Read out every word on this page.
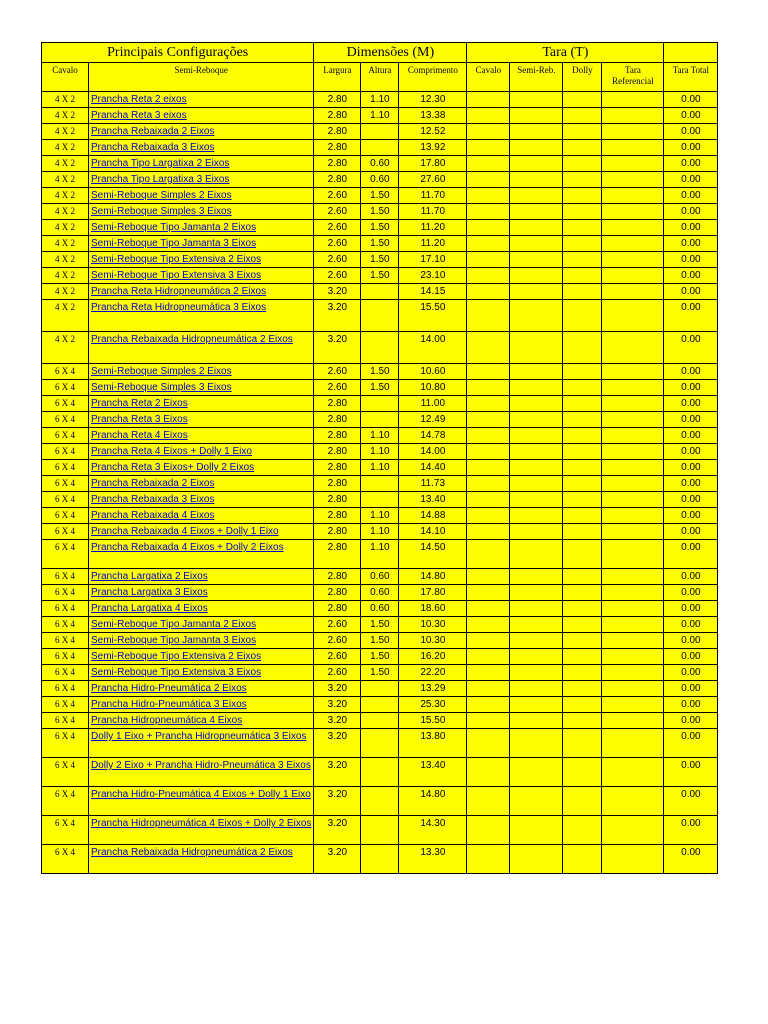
Principais Configurações		Dimensões (M)			Tara (T)				
Cavalo	Semi-Reboque	Largura	Altura	Comprimento	Cavalo	Semi-Reb.	Dolly	Tara Referencial	Tara Total
4 X 2	Prancha Reta 2 eixos	2.80	1.10	12.30					0.00
4 X 2	Prancha Reta 3 eixos	2.80	1.10	13.38					0.00
4 X 2	Prancha Rebaixada 2 Eixos	2.80		12.52					0.00
4 X 2	Prancha Rebaixada 3 Eixos	2.80		13.92					0.00
4 X 2	Prancha Tipo Largatixa 2 Eixos	2.80	0.60	17.80					0.00
4 X 2	Prancha Tipo Largatixa 3 Eixos	2.80	0.60	27.60					0.00
4 X 2	Semi-Reboque Simples 2 Eixos	2.60	1.50	11.70					0.00
4 X 2	Semi-Reboque Simples 3 Eixos	2.60	1.50	11.70					0.00
4 X 2	Semi-Reboque Tipo Jamanta 2 Eixos	2.60	1.50	11.20					0.00
4 X 2	Semi-Reboque Tipo Jamanta 3 Eixos	2.60	1.50	11.20					0.00
4 X 2	Semi-Reboque Tipo Extensiva 2 Eixos	2.60	1.50	17.10					0.00
4 X 2	Semi-Reboque Tipo Extensiva 3 Eixos	2.60	1.50	23.10					0.00
4 X 2	Prancha Reta Hidropneumática 2 Eixos	3.20		14.15					0.00
4 X 2	Prancha Reta Hidropneumática 3 Eixos	3.20		15.50					0.00
4 X 2	Prancha Rebaixada Hidropneumática 2 Eixos	3.20		14.00					0.00
6 X 4	Semi-Reboque Simples 2 Eixos	2.60	1.50	10.60					0.00
6 X 4	Semi-Reboque Simples 3 Eixos	2.60	1.50	10.80					0.00
6 X 4	Prancha Reta 2 Eixos	2.80		11.00					0.00
6 X 4	Prancha Reta 3 Eixos	2.80		12.49					0.00
6 X 4	Prancha Reta 4 Eixos	2.80	1.10	14.78					0.00
6 X 4	Prancha Reta 4 Eixos + Dolly 1 Eixo	2.80	1.10	14.00					0.00
6 X 4	Prancha Reta 3 Eixos+ Dolly 2 Eixos	2.80	1.10	14.40					0.00
6 X 4	Prancha Rebaixada 2 Eixos	2.80		11.73					0.00
6 X 4	Prancha Rebaixada 3 Eixos	2.80		13.40					0.00
6 X 4	Prancha Rebaixada 4 Eixos	2.80	1.10	14.88					0.00
6 X 4	Prancha Rebaixada 4 Eixos + Dolly 1 Eixo	2.80	1.10	14.10					0.00
6 X 4	Prancha Rebaixada 4 Eixos + Dolly 2 Eixos	2.80	1.10	14.50					0.00
6 X 4	Prancha Largatixa 2 Eixos	2.80	0.60	14.80					0.00
6 X 4	Prancha Largatixa 3 Eixos	2.80	0.60	17.80					0.00
6 X 4	Prancha Largatixa 4 Eixos	2.80	0.60	18.60					0.00
6 X 4	Semi-Reboque Tipo Jamanta 2 Eixos	2.60	1.50	10.30					0.00
6 X 4	Semi-Reboque Tipo Jamanta 3 Eixos	2.60	1.50	10.30					0.00
6 X 4	Semi-Reboque Tipo Extensiva 2 Eixos	2.60	1.50	16.20					0.00
6 X 4	Semi-Reboque Tipo Extensiva 3 Eixos	2.60	1.50	22.20					0.00
6 X 4	Prancha Hidro-Pneumática 2 Eixos	3.20		13.29					0.00
6 X 4	Prancha Hidro-Pneumática 3 Eixos	3.20		25.30					0.00
6 X 4	Prancha Hidropneumática 4 Eixos	3.20		15.50					0.00
6 X 4	Dolly 1 Eixo + Prancha Hidropneumática 3 Eixos	3.20		13.80					0.00
6 X 4	Dolly 2 Eixo + Prancha Hidro-Pneumática 3 Eixos	3.20		13.40					0.00
6 X 4	Prancha Hidro-Pneumática 4 Eixos + Dolly 1 Eixo	3.20		14.80					0.00
6 X 4	Prancha Hidropneumática 4 Eixos + Dolly 2 Eixos	3.20		14.30					0.00
6 X 4	Prancha Rebaixada Hidropneumática 2 Eixos	3.20		13.30					0.00
